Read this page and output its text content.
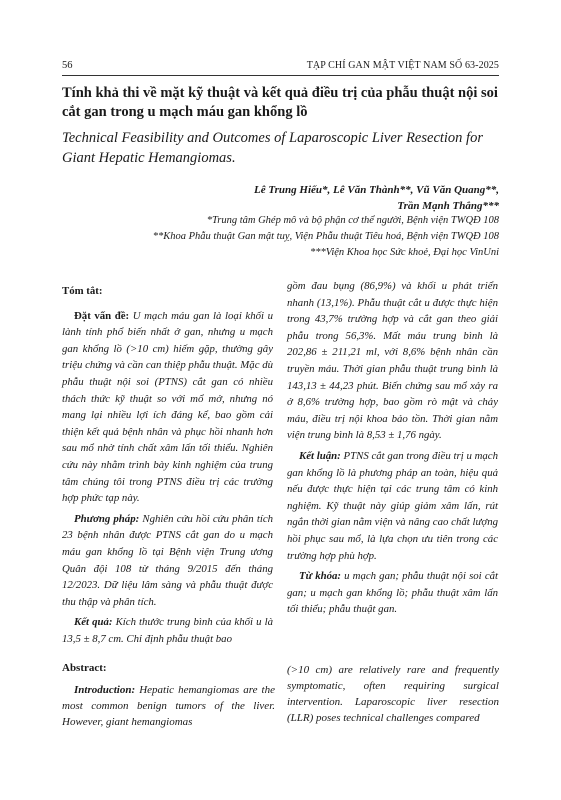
56	TẠP CHÍ GAN MẬT VIỆT NAM SỐ 63-2025
Tính khả thi về mặt kỹ thuật và kết quả điều trị của phẫu thuật nội soi cắt gan trong u mạch máu gan khổng lồ
Technical Feasibility and Outcomes of Laparoscopic Liver Resection for Giant Hepatic Hemangiomas.
Lê Trung Hiếu*, Lê Văn Thành**, Vũ Văn Quang**,
Trần Mạnh Thắng***
*Trung tâm Ghép mô và bộ phận cơ thể người, Bệnh viện TWQĐ 108
**Khoa Phẫu thuật Gan mật tuỵ, Viện Phẫu thuật Tiêu hoá, Bệnh viện TWQĐ 108
***Viện Khoa học Sức khoẻ, Đại học VinUni
Tóm tắt:

Đặt vấn đề: U mạch máu gan là loại khối u lành tính phổ biến nhất ở gan, nhưng u mạch gan khổng lồ (>10 cm) hiếm gặp, thường gây triệu chứng và cần can thiệp phẫu thuật. Mặc dù phẫu thuật nội soi (PTNS) cắt gan có nhiều thách thức kỹ thuật so với mổ mở, nhưng nó mang lại nhiều lợi ích đáng kể, bao gồm cải thiện kết quả bệnh nhân và phục hồi nhanh hơn sau mổ nhờ tính chất xâm lấn tối thiểu. Nghiên cứu này nhằm trình bày kinh nghiệm của trung tâm chúng tôi trong PTNS điều trị các trường hợp phức tạp này.

Phương pháp: Nghiên cứu hồi cứu phân tích 23 bệnh nhân được PTNS cắt gan do u mạch máu gan khổng lồ tại Bệnh viện Trung ương Quân đội 108 từ tháng 9/2015 đến tháng 12/2023. Dữ liệu lâm sàng và phẫu thuật được thu thập và phân tích.

Kết quả: Kích thước trung bình của khối u là 13,5 ± 8,7 cm. Chỉ định phẫu thuật bao

gồm đau bụng (86,9%) và khối u phát triển nhanh (13,1%). Phẫu thuật cắt u được thực hiện trong 43,7% trường hợp và cắt gan theo giải phẫu trong 56,3%. Mất máu trung bình là 202,86 ± 211,21 ml, với 8,6% bệnh nhân cần truyền máu. Thời gian phẫu thuật trung bình là 143,13 ± 44,23 phút. Biến chứng sau mổ xảy ra ở 8,6% trường hợp, bao gồm rò mật và chảy máu, điều trị nội khoa bảo tồn. Thời gian nằm viện trung bình là 8,53 ± 1,76 ngày.

Kết luận: PTNS cắt gan trong điều trị u mạch gan khổng lồ là phương pháp an toàn, hiệu quả nếu được thực hiện tại các trung tâm có kinh nghiệm. Kỹ thuật này giúp giảm xâm lấn, rút ngắn thời gian nằm viện và nâng cao chất lượng hồi phục sau mổ, là lựa chọn ưu tiên trong các trường hợp phù hợp.

Từ khóa: u mạch gan; phẫu thuật nội soi cắt gan; u mạch gan khổng lồ; phẫu thuật xâm lấn tối thiểu; phẫu thuật gan.

Abstract:

Introduction: Hepatic hemangiomas are the most common benign tumors of the liver. However, giant hemangiomas

(>10 cm) are relatively rare and frequently symptomatic, often requiring surgical intervention. Laparoscopic liver resection (LLR) poses technical challenges compared
